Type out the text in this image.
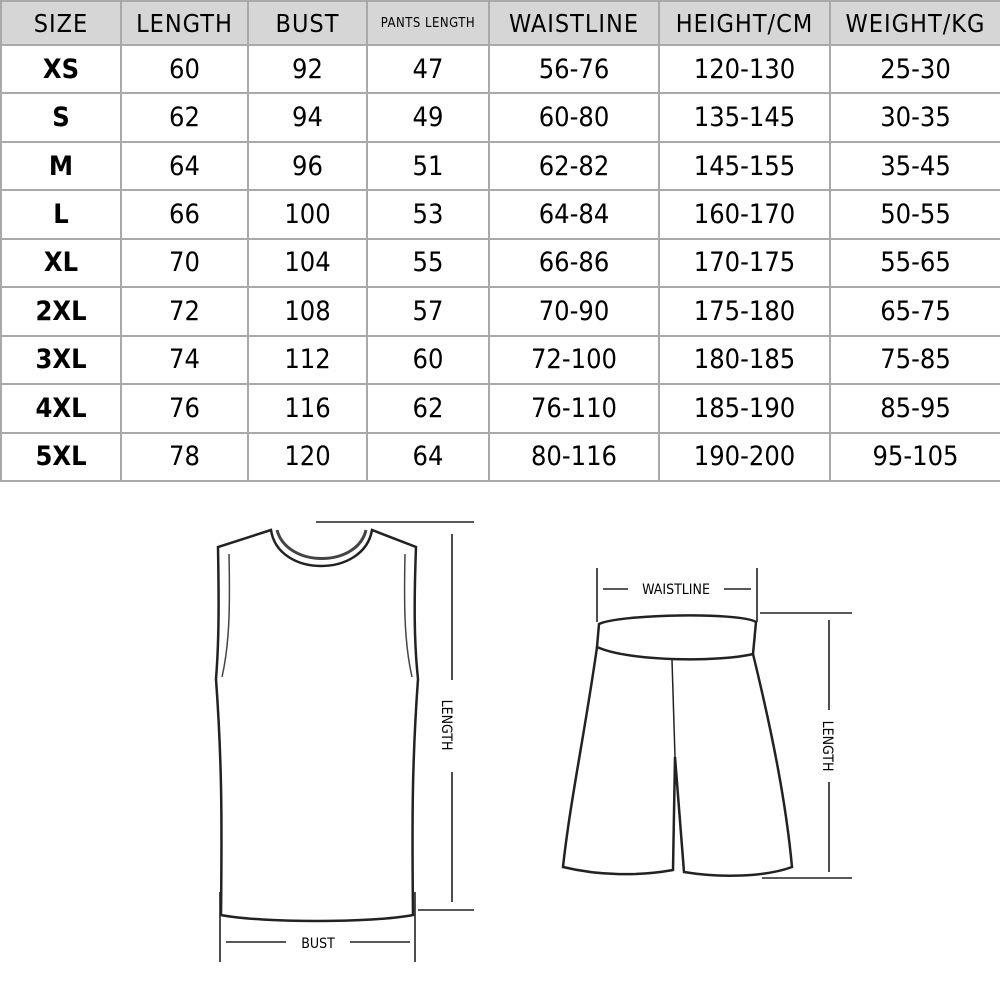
SIZE	LENGTH	BUST	PANTS LENGTH	WAISTLINE	HEIGHT/CM	WEIGHT/KG
XS	60	92	47	56-76	120-130	25-30
S	62	94	49	60-80	135-145	30-35
M	64	96	51	62-82	145-155	35-45
L	66	100	53	64-84	160-170	50-55
XL	70	104	55	66-86	170-175	55-65
2XL	72	108	57	70-90	175-180	65-75
3XL	74	112	60	72-100	180-185	75-85
4XL	76	116	62	76-110	185-190	85-95
5XL	78	120	64	80-116	190-200	95-105
LENGTH
BUST
WAISTLINE
LENGTH
